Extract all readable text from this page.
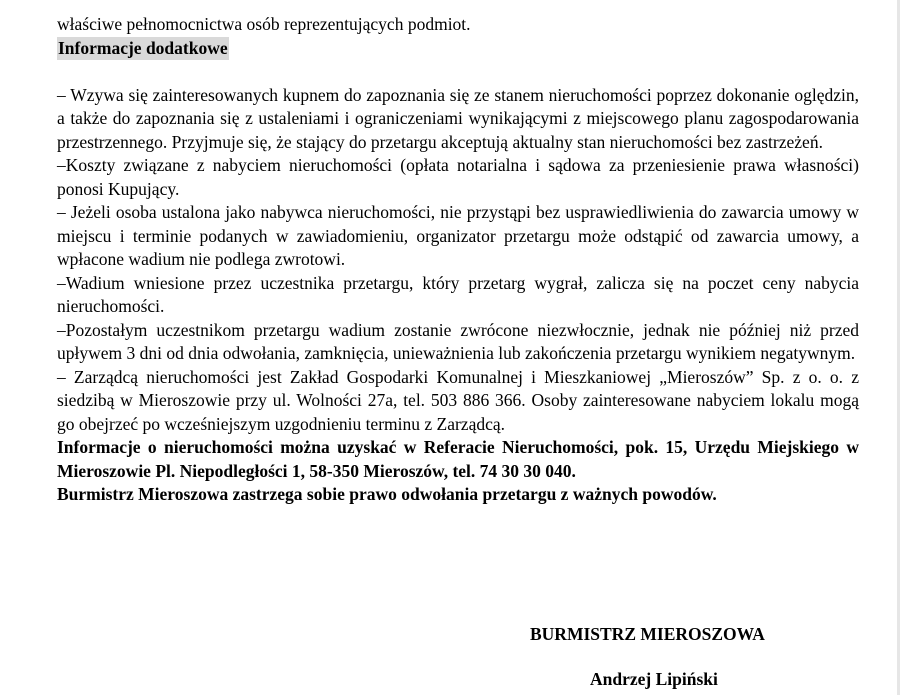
właściwe pełnomocnictwa osób reprezentujących podmiot.

Informacje dodatkowe

– Wzywa się zainteresowanych kupnem do zapoznania się ze stanem nieruchomości poprzez dokonanie oględzin, a także do zapoznania się z ustaleniami i ograniczeniami wynikającymi z miejscowego planu zagospodarowania przestrzennego. Przyjmuje się, że stający do przetargu akceptują aktualny stan nieruchomości bez zastrzeżeń.

–Koszty związane z nabyciem nieruchomości (opłata notarialna i sądowa za przeniesienie prawa własności) ponosi Kupujący.

– Jeżeli osoba ustalona jako nabywca nieruchomości, nie przystąpi bez usprawiedliwienia do zawarcia umowy w miejscu i terminie podanych w zawiadomieniu, organizator przetargu może odstąpić od zawarcia umowy, a wpłacone wadium nie podlega zwrotowi.

–Wadium wniesione przez uczestnika przetargu, który przetarg wygrał, zalicza się na poczet ceny nabycia nieruchomości.

–Pozostałym uczestnikom przetargu wadium zostanie zwrócone niezwłocznie, jednak nie później niż przed upływem 3 dni od dnia odwołania, zamknięcia, unieważnienia lub zakończenia przetargu wynikiem negatywnym.

– Zarządcą nieruchomości jest Zakład Gospodarki Komunalnej i Mieszkaniowej „Mieroszów” Sp. z o. o. z siedzibą w Mieroszowie przy ul. Wolności 27a, tel. 503 886 366. Osoby zainteresowane nabyciem lokalu mogą go obejrzeć po wcześniejszym uzgodnieniu terminu z Zarządcą.

Informacje o nieruchomości można uzyskać w Referacie Nieruchomości, pok. 15, Urzędu Miejskiego w Mieroszowie Pl. Niepodległości 1, 58-350 Mieroszów, tel. 74 30 30 040.

Burmistrz Mieroszowa zastrzega sobie prawo odwołania przetargu z ważnych powodów.

BURMISTRZ MIEROSZOWA
Andrzej Lipiński
